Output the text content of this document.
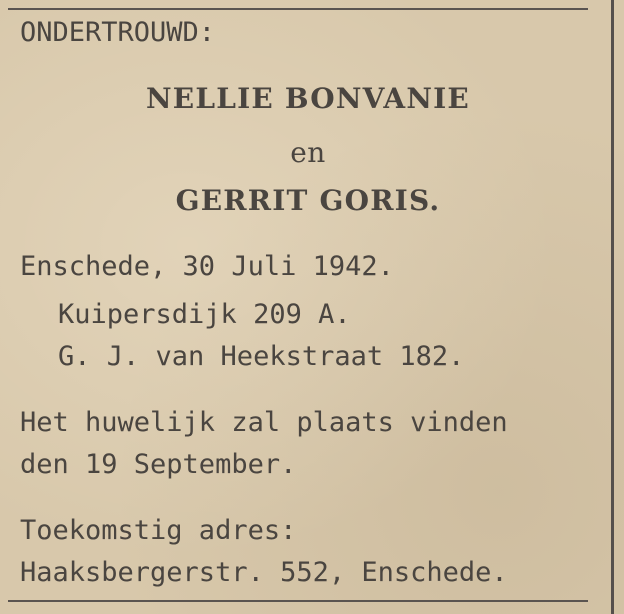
ONDERTROUWD:
NELLIE BONVANIE
en
GERRIT GORIS.
Enschede, 30 Juli 1942.
Kuipersdijk 209 A.
G. J. van Heekstraat 182.
Het huwelijk zal plaats vinden
den 19 September.
Toekomstig adres:
Haaksbergerstr. 552, Enschede.
